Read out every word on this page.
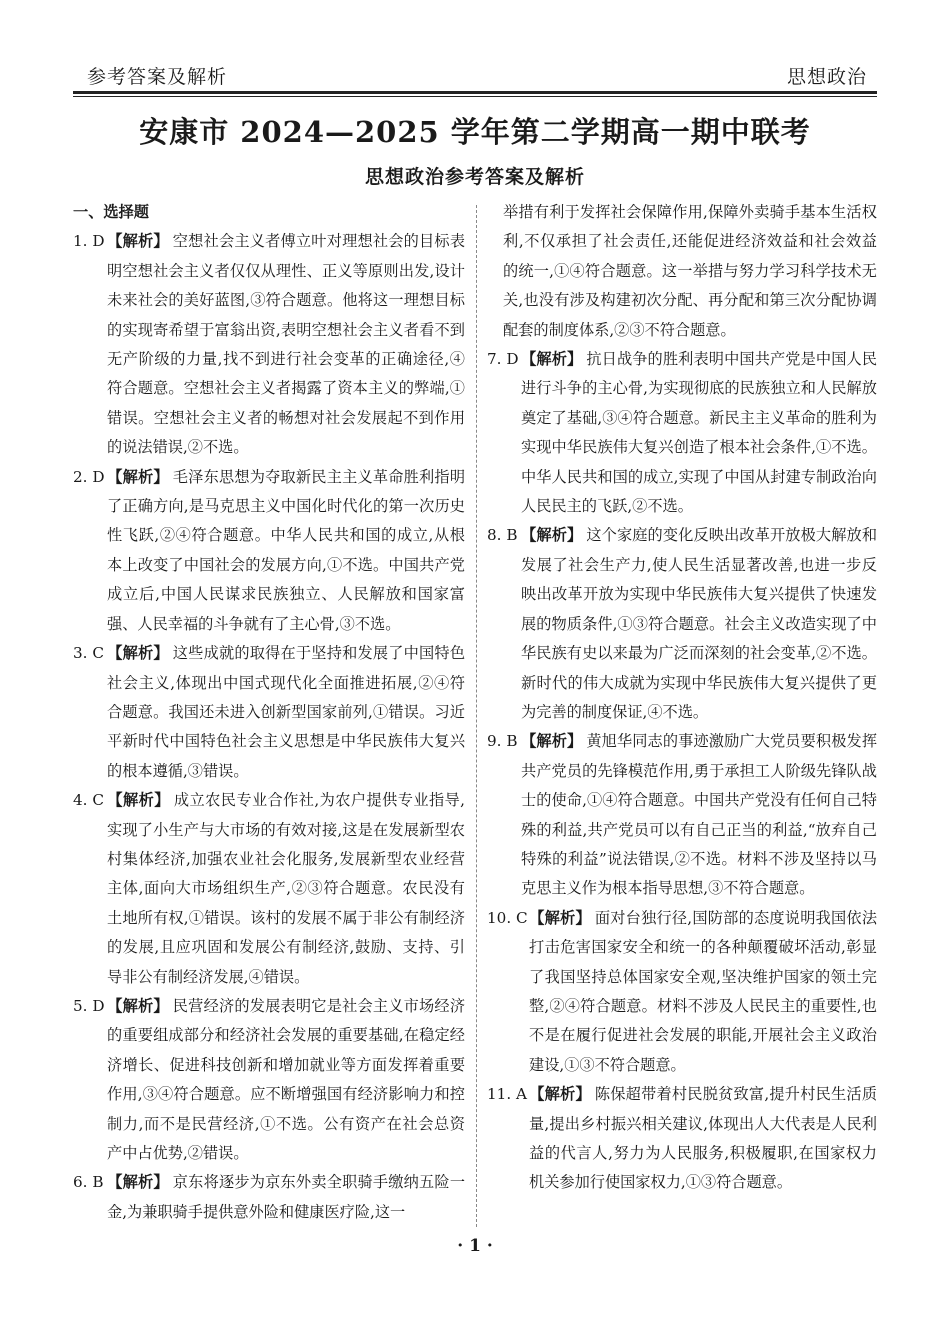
参考答案及解析	思想政治
安康市 2024—2025 学年第二学期高一期中联考
思想政治参考答案及解析

一、选择题

1. D 【解析】 空想社会主义者傅立叶对理想社会的目标表明空想社会主义者仅仅从理性、正义等原则出发,设计未来社会的美好蓝图,③符合题意。他将这一理想目标的实现寄希望于富翁出资,表明空想社会主义者看不到无产阶级的力量,找不到进行社会变革的正确途径,④符合题意。空想社会主义者揭露了资本主义的弊端,①错误。空想社会主义者的畅想对社会发展起不到作用的说法错误,②不选。

2. D 【解析】 毛泽东思想为夺取新民主主义革命胜利指明了正确方向,是马克思主义中国化时代化的第一次历史性飞跃,②④符合题意。中华人民共和国的成立,从根本上改变了中国社会的发展方向,①不选。中国共产党成立后,中国人民谋求民族独立、人民解放和国家富强、人民幸福的斗争就有了主心骨,③不选。

3. C 【解析】 这些成就的取得在于坚持和发展了中国特色社会主义,体现出中国式现代化全面推进拓展,②④符合题意。我国还未进入创新型国家前列,①错误。习近平新时代中国特色社会主义思想是中华民族伟大复兴的根本遵循,③错误。

4. C 【解析】 成立农民专业合作社,为农户提供专业指导,实现了小生产与大市场的有效对接,这是在发展新型农村集体经济,加强农业社会化服务,发展新型农业经营主体,面向大市场组织生产,②③符合题意。农民没有土地所有权,①错误。该村的发展不属于非公有制经济的发展,且应巩固和发展公有制经济,鼓励、支持、引导非公有制经济发展,④错误。

5. D 【解析】 民营经济的发展表明它是社会主义市场经济的重要组成部分和经济社会发展的重要基础,在稳定经济增长、促进科技创新和增加就业等方面发挥着重要作用,③④符合题意。应不断增强国有经济影响力和控制力,而不是民营经济,①不选。公有资产在社会总资产中占优势,②错误。

6. B 【解析】 京东将逐步为京东外卖全职骑手缴纳五险一金,为兼职骑手提供意外险和健康医疗险,这一

举措有利于发挥社会保障作用,保障外卖骑手基本生活权利,不仅承担了社会责任,还能促进经济效益和社会效益的统一,①④符合题意。这一举措与努力学习科学技术无关,也没有涉及构建初次分配、再分配和第三次分配协调配套的制度体系,②③不符合题意。

7. D 【解析】 抗日战争的胜利表明中国共产党是中国人民进行斗争的主心骨,为实现彻底的民族独立和人民解放奠定了基础,③④符合题意。新民主主义革命的胜利为实现中华民族伟大复兴创造了根本社会条件,①不选。中华人民共和国的成立,实现了中国从封建专制政治向人民民主的飞跃,②不选。

8. B 【解析】 这个家庭的变化反映出改革开放极大解放和发展了社会生产力,使人民生活显著改善,也进一步反映出改革开放为实现中华民族伟大复兴提供了快速发展的物质条件,①③符合题意。社会主义改造实现了中华民族有史以来最为广泛而深刻的社会变革,②不选。新时代的伟大成就为实现中华民族伟大复兴提供了更为完善的制度保证,④不选。

9. B 【解析】 黄旭华同志的事迹激励广大党员要积极发挥共产党员的先锋模范作用,勇于承担工人阶级先锋队战士的使命,①④符合题意。中国共产党没有任何自己特殊的利益,共产党员可以有自己正当的利益,“放弃自己特殊的利益”说法错误,②不选。材料不涉及坚持以马克思主义作为根本指导思想,③不符合题意。

10. C【解析】 面对台独行径,国防部的态度说明我国依法打击危害国家安全和统一的各种颠覆破坏活动,彰显了我国坚持总体国家安全观,坚决维护国家的领土完整,②④符合题意。材料不涉及人民民主的重要性,也不是在履行促进社会发展的职能,开展社会主义政治建设,①③不符合题意。

11. A 【解析】 陈保超带着村民脱贫致富,提升村民生活质量,提出乡村振兴相关建议,体现出人大代表是人民利益的代言人,努力为人民服务,积极履职,在国家权力机关参加行使国家权力,①③符合题意。

· 1 ·
